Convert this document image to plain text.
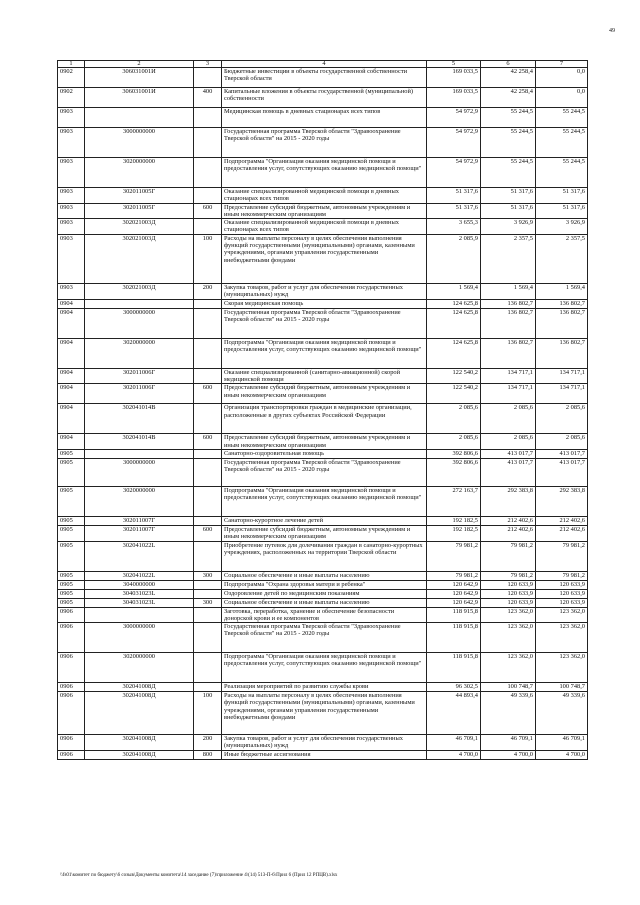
49
1	2	3	4	5	6	7
0902	306031001И		Бюджетные инвестиции в объекты государственной собственности Тверской области	169 033,5	42 258,4	0,0
0902	306031001И	400	Капитальные вложения в объекты государственной (муниципальной) собственности	169 033,5	42 258,4	0,0
0903			Медицинская помощь в дневных стационарах всех типов	54 972,9	55 244,5	55 244,5
0903	3000000000		Государственная программа Тверской области "Здравоохранение Тверской области" на 2015 - 2020 годы	54 972,9	55 244,5	55 244,5
0903	3020000000		Подпрограмма "Организация оказания медицинской помощи и предоставления услуг, сопутствующих оказанию медицинской помощи"	54 972,9	55 244,5	55 244,5
0903	302011005Г		Оказание специализированной медицинской помощи в дневных стационарах всех типов	51 317,6	51 317,6	51 317,6
0903	302011005Г	600	Предоставление субсидий бюджетным, автономным учреждениям и иным некоммерческим организациям	51 317,6	51 317,6	51 317,6
0903	302021003Д		Оказание специализированной медицинской помощи в дневных стационарах всех типов	3 655,3	3 926,9	3 926,9
0903	302021003Д	100	Расходы на выплаты персоналу в целях обеспечения выполнения функций государственными (муниципальными) органами, казенными учреждениями, органами управления государственными внебюджетными фондами	2 085,9	2 357,5	2 357,5
0903	302021003Д	200	Закупка товаров, работ и услуг для обеспечения государственных (муниципальных) нужд	1 569,4	1 569,4	1 569,4
0904			Скорая медицинская помощь	124 625,8	136 802,7	136 802,7
0904	3000000000		Государственная программа Тверской области "Здравоохранение Тверской области" на 2015 - 2020 годы	124 625,8	136 802,7	136 802,7
0904	3020000000		Подпрограмма "Организация оказания медицинской помощи и предоставления услуг, сопутствующих оказанию медицинской помощи"	124 625,8	136 802,7	136 802,7
0904	302011006Г		Оказание специализированной (санитарно-авиационной) скорой медицинской помощи	122 540,2	134 717,1	134 717,1
0904	302011006Г	600	Предоставление субсидий бюджетным, автономным учреждениям и иным некоммерческим организациям	122 540,2	134 717,1	134 717,1
0904	302041014В		Организация транспортировки граждан в медицинские организации, расположенные в других субъектах Российской Федерации	2 085,6	2 085,6	2 085,6
0904	302041014В	600	Предоставление субсидий бюджетным, автономным учреждениям и иным некоммерческим организациям	2 085,6	2 085,6	2 085,6
0905			Санаторно-оздоровительная помощь	392 806,6	413 017,7	413 017,7
0905	3000000000		Государственная программа Тверской области "Здравоохранение Тверской области" на 2015 - 2020 годы	392 806,6	413 017,7	413 017,7
0905	3020000000		Подпрограмма "Организация оказания медицинской помощи и предоставления услуг, сопутствующих оказанию медицинской помощи"	272 163,7	292 383,8	292 383,8
0905	302011007Г		Санаторно-курортное лечение детей	192 182,5	212 402,6	212 402,6
0905	302011007Г	600	Предоставление субсидий бюджетным, автономным учреждениям и иным некоммерческим организациям	192 182,5	212 402,6	212 402,6
0905	302041022L		Приобретение путевок для долечивания граждан в санаторно-курортных учреждениях, расположенных на территории Тверской области	79 981,2	79 981,2	79 981,2
0905	302041022L	300	Социальное обеспечение и иные выплаты населению	79 981,2	79 981,2	79 981,2
0905	3040000000		Подпрограмма "Охрана здоровья матери и ребенка"	120 642,9	120 633,9	120 633,9
0905	304031023L		Оздоровление детей по медицинским показаниям	120 642,9	120 633,9	120 633,9
0905	304031023L	300	Социальное обеспечение и иные выплаты населению	120 642,9	120 633,9	120 633,9
0906			Заготовка, переработка, хранение и обеспечение безопасности донорской крови и ее компонентов	118 915,8	123 362,0	123 362,0
0906	3000000000		Государственная программа Тверской области "Здравоохранение Тверской области" на 2015 - 2020 годы	118 915,8	123 362,0	123 362,0
0906	3020000000		Подпрограмма "Организация оказания медицинской помощи и предоставления услуг, сопутствующих оказанию медицинской помощи"	118 915,8	123 362,0	123 362,0
0906	302041008Д		Реализация мероприятий по развитию службы крови	96 302,5	100 748,7	100 748,7
0906	302041008Д	100	Расходы на выплаты персоналу в целях обеспечения выполнения функций государственными (муниципальными) органами, казенными учреждениями, органами управления государственными внебюджетными фондами	44 893,4	49 339,6	49 339,6
0906	302041008Д	200	Закупка товаров, работ и услуг для обеспечения государственных (муниципальных) нужд	46 709,1	46 709,1	46 709,1
0906	302041008Д	800	Иные бюджетные ассигнования	4 700,0	4 700,0	4 700,0
\\fs01\комитет по бюджету\6 созыв\Документы комитета\14 заседание (7)\приложение 4\(14) 513-П-6\Прил 6 (Прил 12 РПЦВ).xlsx
